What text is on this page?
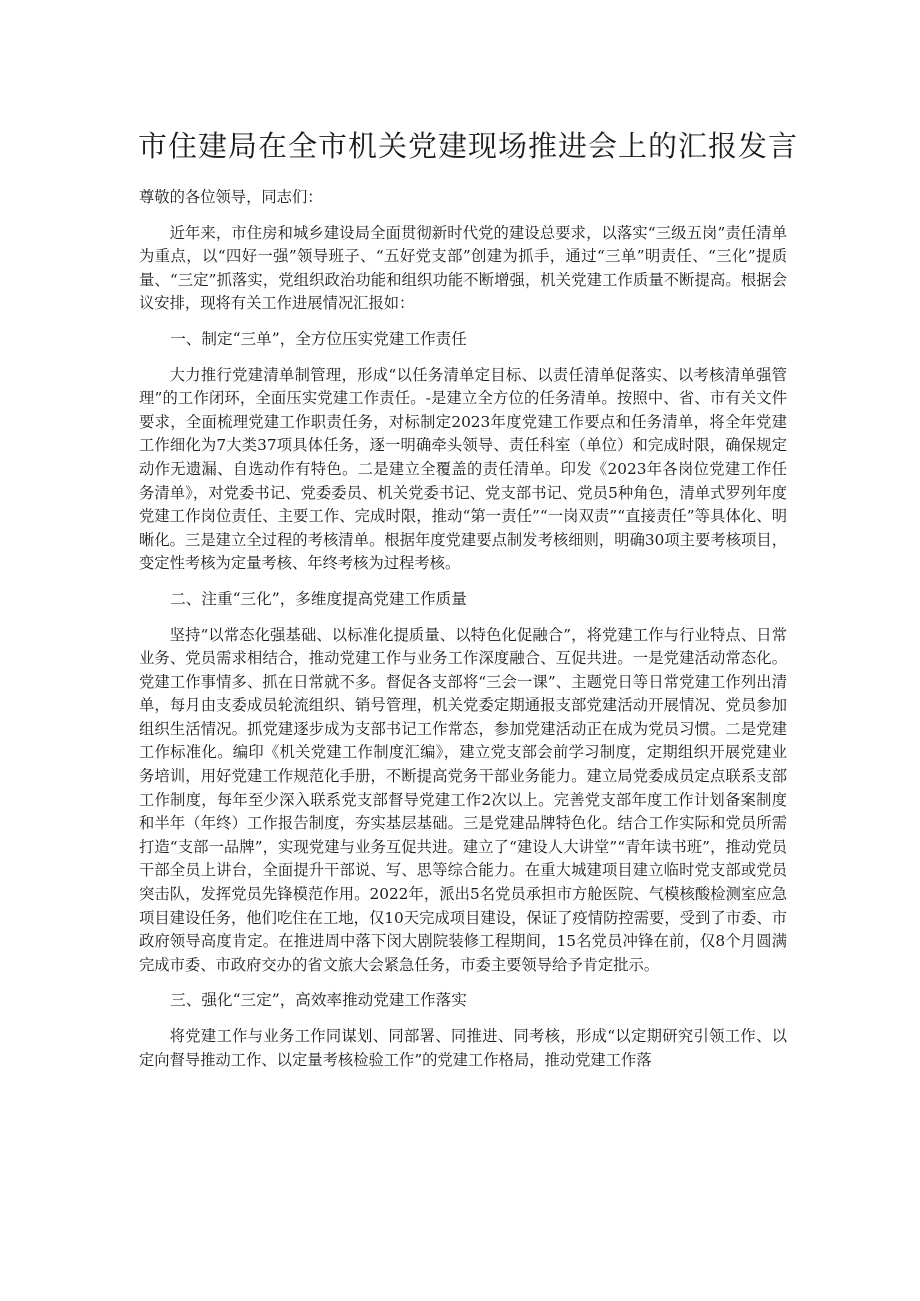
市住建局在全市机关党建现场推进会上的汇报发言

尊敬的各位领导，同志们：

近年来，市住房和城乡建设局全面贯彻新时代党的建设总要求，以落实“三级五岗”责任清单为重点，以“四好一强”领导班子、“五好党支部”创建为抓手，通过“三单”明责任、“三化”提质量、“三定”抓落实，党组织政治功能和组织功能不断增强，机关党建工作质量不断提高。根据会议安排，现将有关工作进展情况汇报如：

一、制定“三单”，全方位压实党建工作责任

大力推行党建清单制管理，形成“以任务清单定目标、以责任清单促落实、以考核清单强管理”的工作闭环，全面压实党建工作责任。-是建立全方位的任务清单。按照中、省、市有关文件要求，全面梳理党建工作职责任务，对标制定2023年度党建工作要点和任务清单，将全年党建工作细化为7大类37项具体任务，逐一明确牵头领导、责任科室（单位）和完成时限，确保规定动作无遗漏、自选动作有特色。二是建立全覆盖的责任清单。印发《2023年各岗位党建工作任务清单》，对党委书记、党委委员、机关党委书记、党支部书记、党员5种角色，清单式罗列年度党建工作岗位责任、主要工作、完成时限，推动“第一责任”“一岗双责”“直接责任”等具体化、明晰化。三是建立全过程的考核清单。根据年度党建要点制发考核细则，明确30项主要考核项目，变定性考核为定量考核、年终考核为过程考核。

二、注重“三化”，多维度提高党建工作质量

坚持“以常态化强基础、以标准化提质量、以特色化促融合”，将党建工作与行业特点、日常业务、党员需求相结合，推动党建工作与业务工作深度融合、互促共进。一是党建活动常态化。党建工作事情多、抓在日常就不多。督促各支部将“三会一课”、主题党日等日常党建工作列出清单，每月由支委成员轮流组织、销号管理，机关党委定期通报支部党建活动开展情况、党员参加组织生活情况。抓党建逐步成为支部书记工作常态，参加党建活动正在成为党员习惯。二是党建工作标准化。编印《机关党建工作制度汇编》，建立党支部会前学习制度，定期组织开展党建业务培训，用好党建工作规范化手册，不断提高党务干部业务能力。建立局党委成员定点联系支部工作制度，每年至少深入联系党支部督导党建工作2次以上。完善党支部年度工作计划备案制度和半年（年终）工作报告制度，夯实基层基础。三是党建品牌特色化。结合工作实际和党员所需打造“支部一品牌”，实现党建与业务互促共进。建立了“建设人大讲堂”“青年读书班”，推动党员干部全员上讲台，全面提升干部说、写、思等综合能力。在重大城建项目建立临时党支部或党员突击队，发挥党员先锋模范作用。2022年，派出5名党员承担市方舱医院、气模核酸检测室应急项目建设任务，他们吃住在工地，仅10天完成项目建设，保证了疫情防控需要，受到了市委、市政府领导高度肯定。在推进周中落下闵大剧院装修工程期间，15名党员冲锋在前，仅8个月圆满完成市委、市政府交办的省文旅大会紧急任务，市委主要领导给予肯定批示。

三、强化“三定”，高效率推动党建工作落实

将党建工作与业务工作同谋划、同部署、同推进、同考核，形成“以定期研究引领工作、以定向督导推动工作、以定量考核检验工作”的党建工作格局，推动党建工作落
